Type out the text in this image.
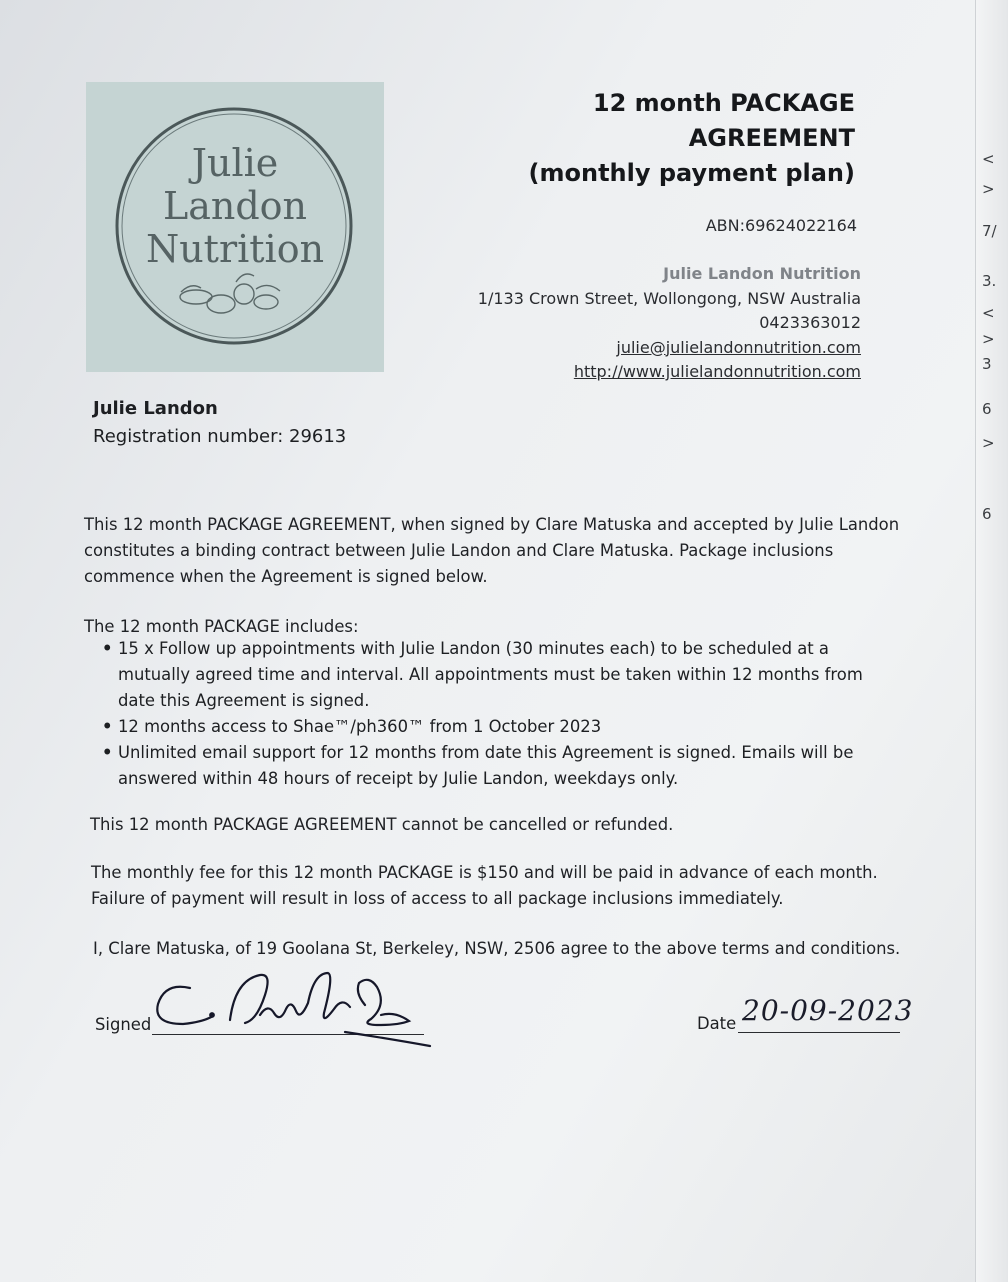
Julie
Landon
Nutrition
12 month PACKAGE
AGREEMENT
(monthly payment plan)
ABN:69624022164
Julie Landon Nutrition
1/133 Crown Street, Wollongong, NSW Australia
0423363012
julie@julielandonnutrition.com
http://www.julielandonnutrition.com
Julie Landon
Registration number: 29613
This 12 month PACKAGE AGREEMENT, when signed by Clare Matuska and accepted by Julie Landon constitutes a binding contract between Julie Landon and Clare Matuska. Package inclusions commence when the Agreement is signed below.
The 12 month PACKAGE includes:
• 15 x Follow up appointments with Julie Landon (30 minutes each) to be scheduled at a mutually agreed time and interval. All appointments must be taken within 12 months from date this Agreement is signed.
• 12 months access to Shae™/ph360™ from 1 October 2023
• Unlimited email support for 12 months from date this Agreement is signed. Emails will be answered within 48 hours of receipt by Julie Landon, weekdays only.
This 12 month PACKAGE AGREEMENT cannot be cancelled or refunded.
The monthly fee for this 12 month PACKAGE is $150 and will be paid in advance of each month. Failure of payment will result in loss of access to all package inclusions immediately.
I, Clare Matuska, of 19 Goolana St, Berkeley, NSW, 2506 agree to the above terms and conditions.
Signed	Date 20-09-2023
<
>
7/
3.
<
>
3
6
>
6
